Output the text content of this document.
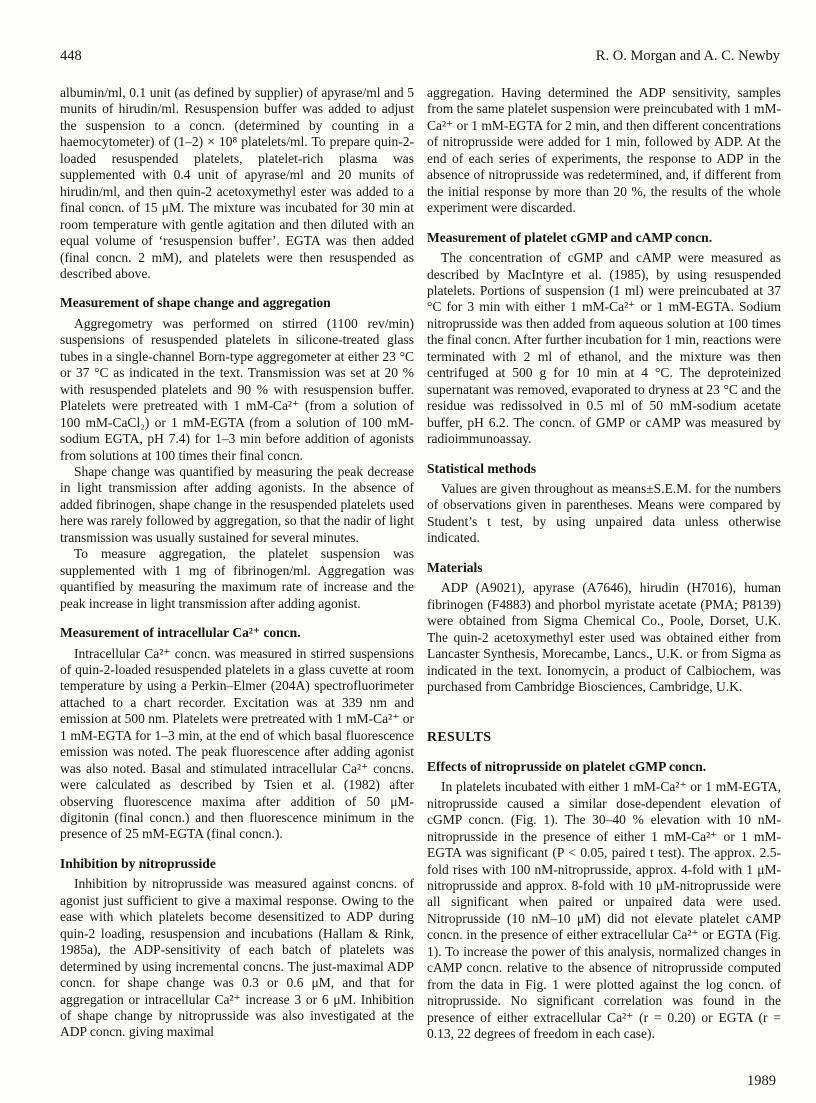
448	R. O. Morgan and A. C. Newby

albumin/ml, 0.1 unit (as defined by supplier) of apyrase/ml and 5 munits of hirudin/ml. Resuspension buffer was added to adjust the suspension to a concn. (determined by counting in a haemocytometer) of (1–2) × 10⁸ platelets/ml. To prepare quin-2-loaded resuspended platelets, platelet-rich plasma was supplemented with 0.4 unit of apyrase/ml and 20 munits of hirudin/ml, and then quin-2 acetoxymethyl ester was added to a final concn. of 15 μM. The mixture was incubated for 30 min at room temperature with gentle agitation and then diluted with an equal volume of ‘resuspension buffer’. EGTA was then added (final concn. 2 mM), and platelets were then resuspended as described above.

Measurement of shape change and aggregation

Aggregometry was performed on stirred (1100 rev/min) suspensions of resuspended platelets in silicone-treated glass tubes in a single-channel Born-type aggregometer at either 23 °C or 37 °C as indicated in the text. Transmission was set at 20 % with resuspended platelets and 90 % with resuspension buffer. Platelets were pretreated with 1 mM-Ca²⁺ (from a solution of 100 mM-CaCl₂) or 1 mM-EGTA (from a solution of 100 mM-sodium EGTA, pH 7.4) for 1–3 min before addition of agonists from solutions at 100 times their final concn.

Shape change was quantified by measuring the peak decrease in light transmission after adding agonists. In the absence of added fibrinogen, shape change in the resuspended platelets used here was rarely followed by aggregation, so that the nadir of light transmission was usually sustained for several minutes.

To measure aggregation, the platelet suspension was supplemented with 1 mg of fibrinogen/ml. Aggregation was quantified by measuring the maximum rate of increase and the peak increase in light transmission after adding agonist.

Measurement of intracellular Ca²⁺ concn.

Intracellular Ca²⁺ concn. was measured in stirred suspensions of quin-2-loaded resuspended platelets in a glass cuvette at room temperature by using a Perkin–Elmer (204A) spectrofluorimeter attached to a chart recorder. Excitation was at 339 nm and emission at 500 nm. Platelets were pretreated with 1 mM-Ca²⁺ or 1 mM-EGTA for 1–3 min, at the end of which basal fluorescence emission was noted. The peak fluorescence after adding agonist was also noted. Basal and stimulated intracellular Ca²⁺ concns. were calculated as described by Tsien et al. (1982) after observing fluorescence maxima after addition of 50 μM-digitonin (final concn.) and then fluorescence minimum in the presence of 25 mM-EGTA (final concn.).

Inhibition by nitroprusside

Inhibition by nitroprusside was measured against concns. of agonist just sufficient to give a maximal response. Owing to the ease with which platelets become desensitized to ADP during quin-2 loading, resuspension and incubations (Hallam & Rink, 1985a), the ADP-sensitivity of each batch of platelets was determined by using incremental concns. The just-maximal ADP concn. for shape change was 0.3 or 0.6 μM, and that for aggregation or intracellular Ca²⁺ increase 3 or 6 μM. Inhibition of shape change by nitroprusside was also investigated at the ADP concn. giving maximal

aggregation. Having determined the ADP sensitivity, samples from the same platelet suspension were preincubated with 1 mM-Ca²⁺ or 1 mM-EGTA for 2 min, and then different concentrations of nitroprusside were added for 1 min, followed by ADP. At the end of each series of experiments, the response to ADP in the absence of nitroprusside was redetermined, and, if different from the initial response by more than 20 %, the results of the whole experiment were discarded.

Measurement of platelet cGMP and cAMP concn.

The concentration of cGMP and cAMP were measured as described by MacIntyre et al. (1985), by using resuspended platelets. Portions of suspension (1 ml) were preincubated at 37 °C for 3 min with either 1 mM-Ca²⁺ or 1 mM-EGTA. Sodium nitroprusside was then added from aqueous solution at 100 times the final concn. After further incubation for 1 min, reactions were terminated with 2 ml of ethanol, and the mixture was then centrifuged at 500 g for 10 min at 4 °C. The deproteinized supernatant was removed, evaporated to dryness at 23 °C and the residue was redissolved in 0.5 ml of 50 mM-sodium acetate buffer, pH 6.2. The concn. of GMP or cAMP was measured by radioimmunoassay.

Statistical methods

Values are given throughout as means±S.E.M. for the numbers of observations given in parentheses. Means were compared by Student’s t test, by using unpaired data unless otherwise indicated.

Materials

ADP (A9021), apyrase (A7646), hirudin (H7016), human fibrinogen (F4883) and phorbol myristate acetate (PMA; P8139) were obtained from Sigma Chemical Co., Poole, Dorset, U.K. The quin-2 acetoxymethyl ester used was obtained either from Lancaster Synthesis, Morecambe, Lancs., U.K. or from Sigma as indicated in the text. Ionomycin, a product of Calbiochem, was purchased from Cambridge Biosciences, Cambridge, U.K.

RESULTS
Effects of nitroprusside on platelet cGMP concn.

In platelets incubated with either 1 mM-Ca²⁺ or 1 mM-EGTA, nitroprusside caused a similar dose-dependent elevation of cGMP concn. (Fig. 1). The 30–40 % elevation with 10 nM-nitroprusside in the presence of either 1 mM-Ca²⁺ or 1 mM-EGTA was significant (P < 0.05, paired t test). The approx. 2.5-fold rises with 100 nM-nitroprusside, approx. 4-fold with 1 μM-nitroprusside and approx. 8-fold with 10 μM-nitroprusside were all significant when paired or unpaired data were used. Nitroprusside (10 nM–10 μM) did not elevate platelet cAMP concn. in the presence of either extracellular Ca²⁺ or EGTA (Fig. 1). To increase the power of this analysis, normalized changes in cAMP concn. relative to the absence of nitroprusside computed from the data in Fig. 1 were plotted against the log concn. of nitroprusside. No significant correlation was found in the presence of either extracellular Ca²⁺ (r = 0.20) or EGTA (r = 0.13, 22 degrees of freedom in each case).

1989
